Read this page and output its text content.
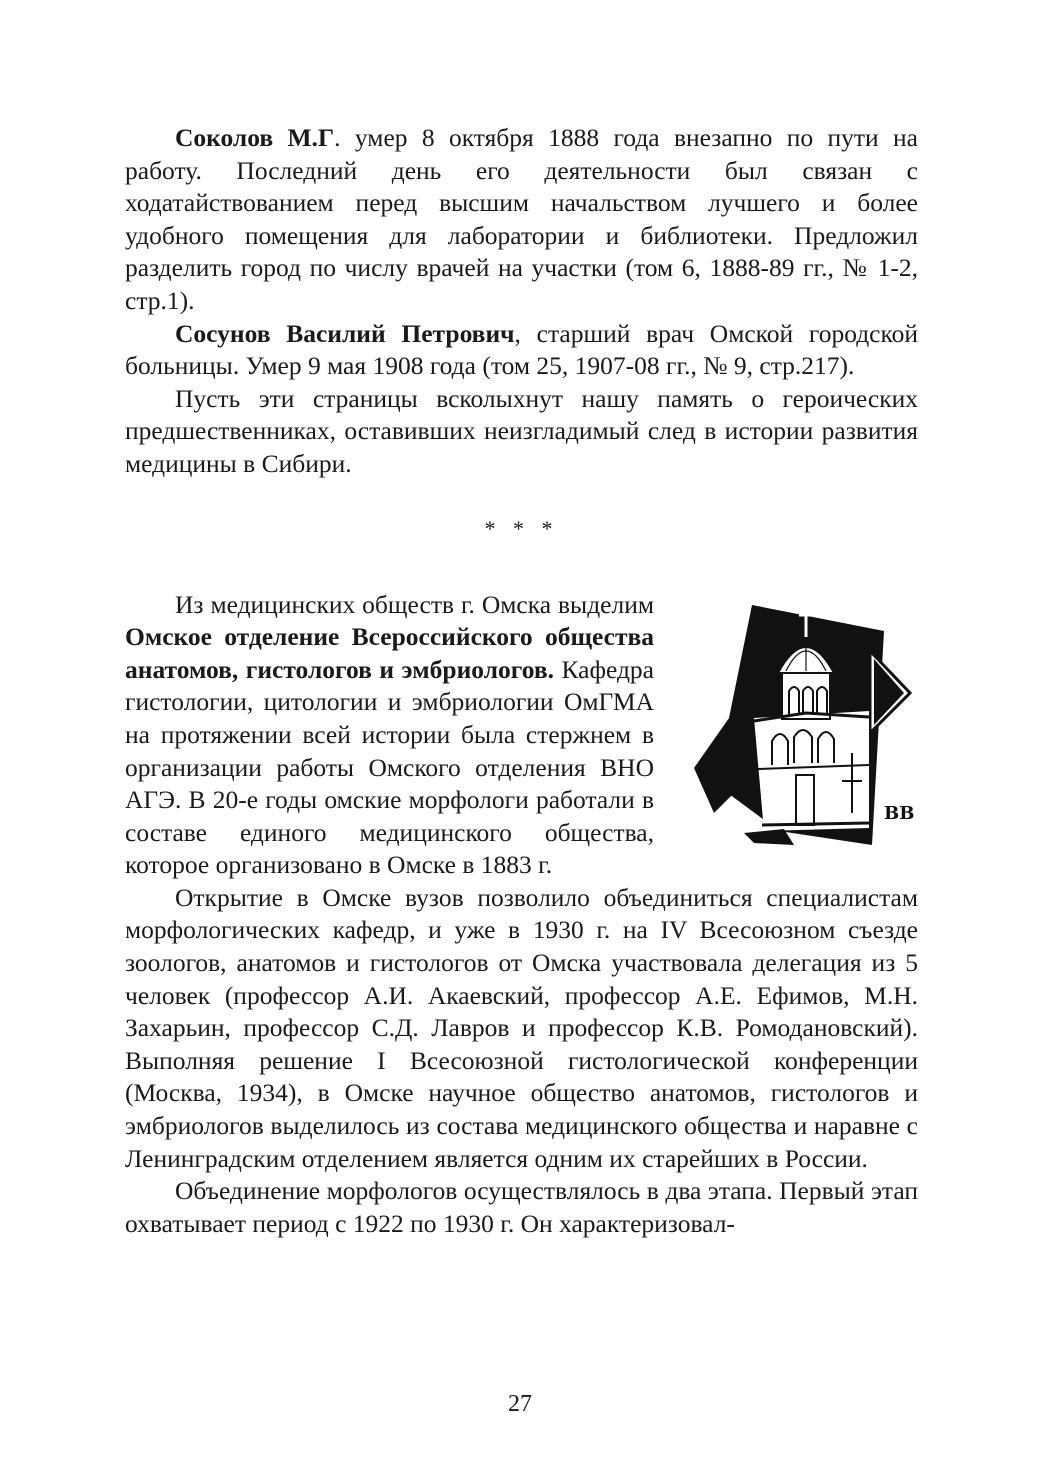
Соколов М.Г. умер 8 октября 1888 года внезапно по пути на работу. Последний день его деятельности был связан с ходатайствованием перед высшим начальством лучшего и более удобного помещения для лаборатории и библиотеки. Предложил разделить город по числу врачей на участки (том 6, 1888-89 гг., № 1-2, стр.1).

Сосунов Василий Петрович, старший врач Омской городской больницы. Умер 9 мая 1908 года (том 25, 1907-08 гг., № 9, стр.217).

Пусть эти страницы всколыхнут нашу память о героических предшественниках, оставивших неизгладимый след в истории развития медицины в Сибири.

* * *
ВВ

Из медицинских обществ г. Омска выделим Омское отделение Всероссийского общества анатомов, гистологов и эмбриологов. Кафедра гистологии, цитологии и эмбриологии ОмГМА на протяжении всей истории была стержнем в организации работы Омского отделения ВНО АГЭ. В 20-е годы омские морфологи работали в составе единого медицинского общества, которое организовано в Омске в 1883 г.

Открытие в Омске вузов позволило объединиться специалистам морфологических кафедр, и уже в 1930 г. на IV Всесоюзном съезде зоологов, анатомов и гистологов от Омска участвовала делегация из 5 человек (профессор А.И. Акаевский, профессор А.Е. Ефимов, М.Н. Захарьин, профессор С.Д. Лавров и профессор К.В. Ромодановский). Выполняя решение I Всесоюзной гистологической конференции (Москва, 1934), в Омске научное общество анатомов, гистологов и эмбриологов выделилось из состава медицинского общества и наравне с Ленинградским отделением является одним их старейших в России.

Объединение морфологов осуществлялось в два этапа. Первый этап охватывает период с 1922 по 1930 г. Он характеризовал-

27
